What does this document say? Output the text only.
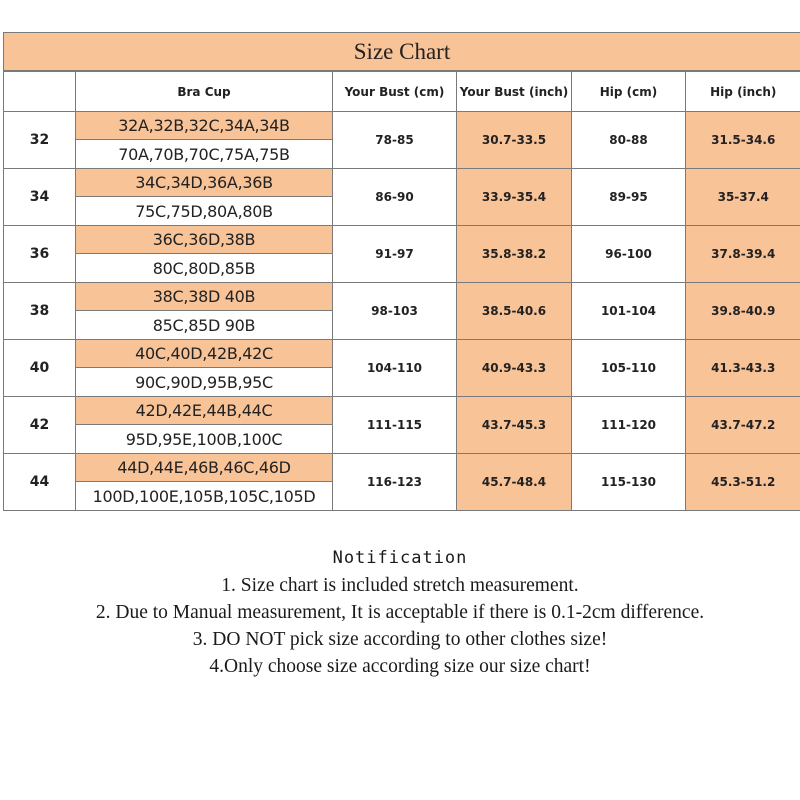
Size Chart
	Bra Cup	Your Bust (cm)	Your Bust (inch)	Hip (cm)	Hip (inch)
32	32A,32B,32C,34A,34B	78-85	30.7-33.5	80-88	31.5-34.6
	70A,70B,70C,75A,75B				
34	34C,34D,36A,36B	86-90	33.9-35.4	89-95	35-37.4
	75C,75D,80A,80B				
36	36C,36D,38B	91-97	35.8-38.2	96-100	37.8-39.4
	80C,80D,85B				
38	38C,38D 40B	98-103	38.5-40.6	101-104	39.8-40.9
	85C,85D 90B				
40	40C,40D,42B,42C	104-110	40.9-43.3	105-110	41.3-43.3
	90C,90D,95B,95C				
42	42D,42E,44B,44C	111-115	43.7-45.3	111-120	43.7-47.2
	95D,95E,100B,100C				
44	44D,44E,46B,46C,46D	116-123	45.7-48.4	115-130	45.3-51.2
	100D,100E,105B,105C,105D				
Notification
1. Size chart is included stretch measurement.
2. Due to Manual measurement, It is acceptable if there is 0.1-2cm difference.
3. DO NOT pick size according to other clothes size!
4.Only choose size according size our size chart!
